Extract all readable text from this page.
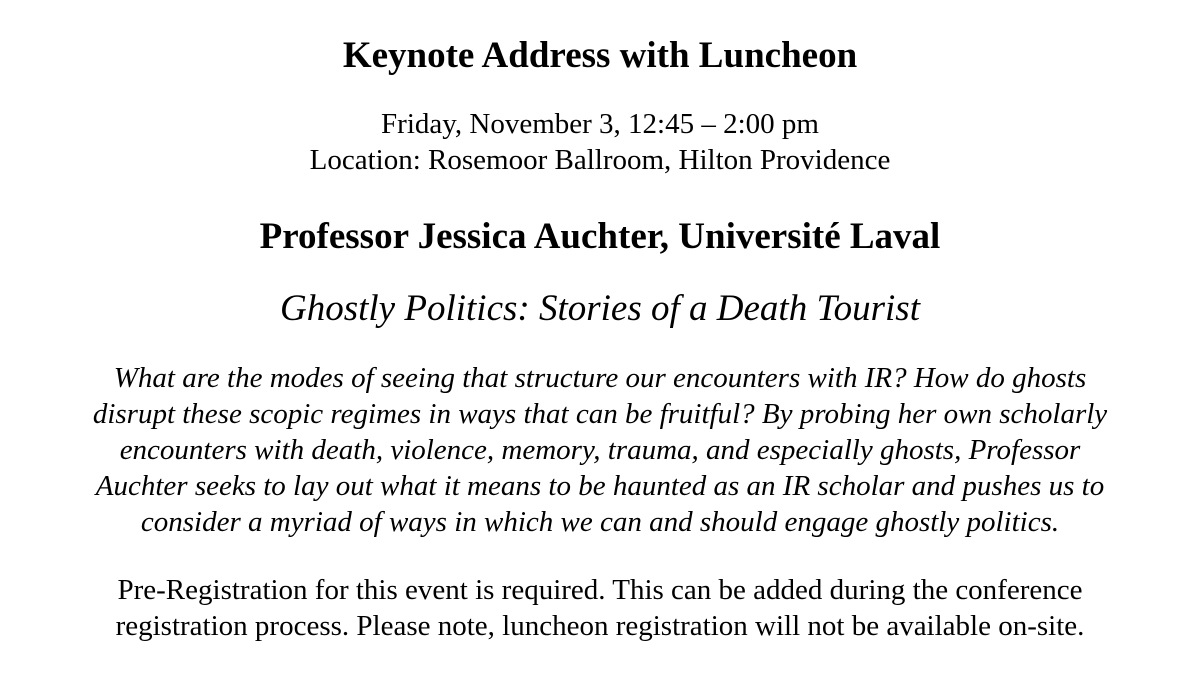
Keynote Address with Luncheon
Friday, November 3, 12:45 – 2:00 pm
Location: Rosemoor Ballroom, Hilton Providence
Professor Jessica Auchter, Université Laval
Ghostly Politics: Stories of a Death Tourist
What are the modes of seeing that structure our encounters with IR? How do ghosts
disrupt these scopic regimes in ways that can be fruitful? By probing her own scholarly
encounters with death, violence, memory, trauma, and especially ghosts, Professor
Auchter seeks to lay out what it means to be haunted as an IR scholar and pushes us to
consider a myriad of ways in which we can and should engage ghostly politics.
Pre-Registration for this event is required. This can be added during the conference
registration process. Please note, luncheon registration will not be available on-site.
